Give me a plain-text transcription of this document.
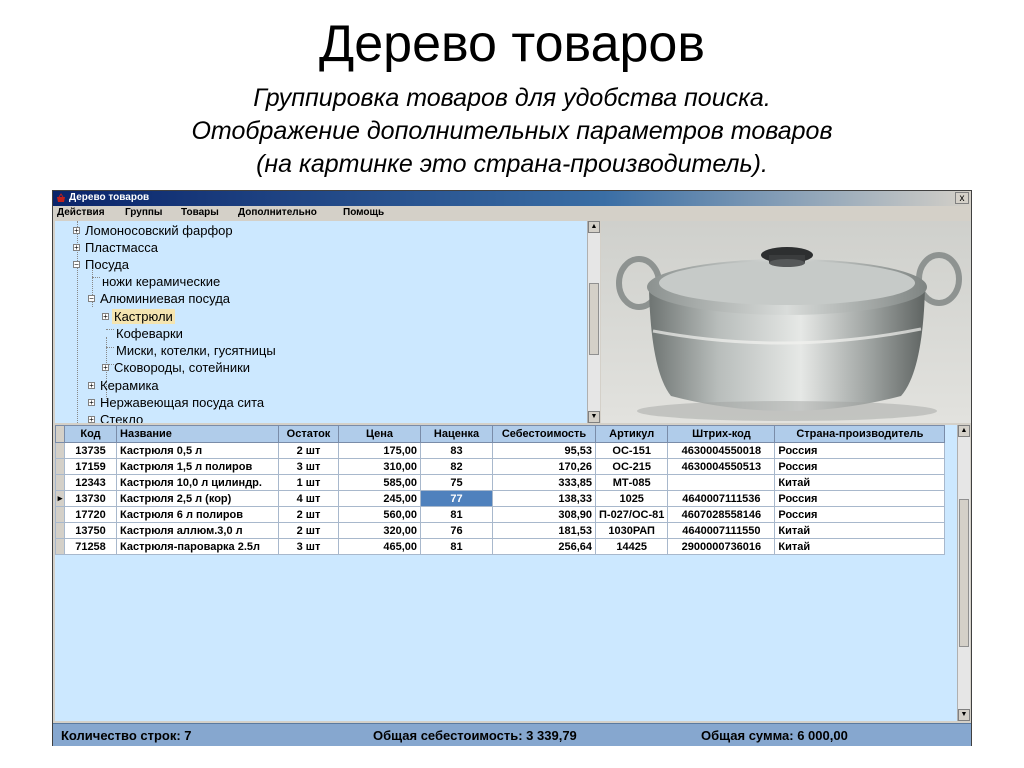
Дерево товаров
Группировка товаров для удобства поиска.
Отображение дополнительных параметров товаров
(на картинке это страна-производитель).
Дерево товаров	x
Действия Группы Товары Дополнительно	Помощь
+ Ломоносовский фарфор
+ Пластмасса
− Посуда
ножи керамические
− Алюминиевая посуда
+ Кастрюли
Кофеварки
Миски, котелки, гусятницы
+ Сковороды, сотейники
+ Керамика
+ Нержавеющая посуда сита
+ Стекло
▲
▼
	Код	Название	Остаток	Цена	Наценка	Себестоимость	Артикул	Штрих-код	Страна-производитель
	13735	Кастрюля 0,5 л	2 шт	175,00	83	95,53	ОС-151	4630004550018	Россия
	17159	Кастрюля 1,5 л полиров	3 шт	310,00	82	170,26	ОС-215	4630004550513	Россия
	12343	Кастрюля 10,0 л цилиндр.	1 шт	585,00	75	333,85	МТ-085		Китай
▸	13730	Кастрюля 2,5 л (кор)	4 шт	245,00	77	138,33	1025	4640007111536	Россия
	17720	Кастрюля 6 л полиров	2 шт	560,00	81	308,90	П-027/ОС-81	4607028558146	Россия
	13750	Кастрюля аллюм.3,0 л	2 шт	320,00	76	181,53	1030РАП	4640007111550	Китай
	71258	Кастрюля-пароварка 2.5л	3 шт	465,00	81	256,64	14425	2900000736016	Китай
▲
▼
Количество строк: 7	Общая себестоимость: 3 339,79	Общая сумма: 6 000,00
